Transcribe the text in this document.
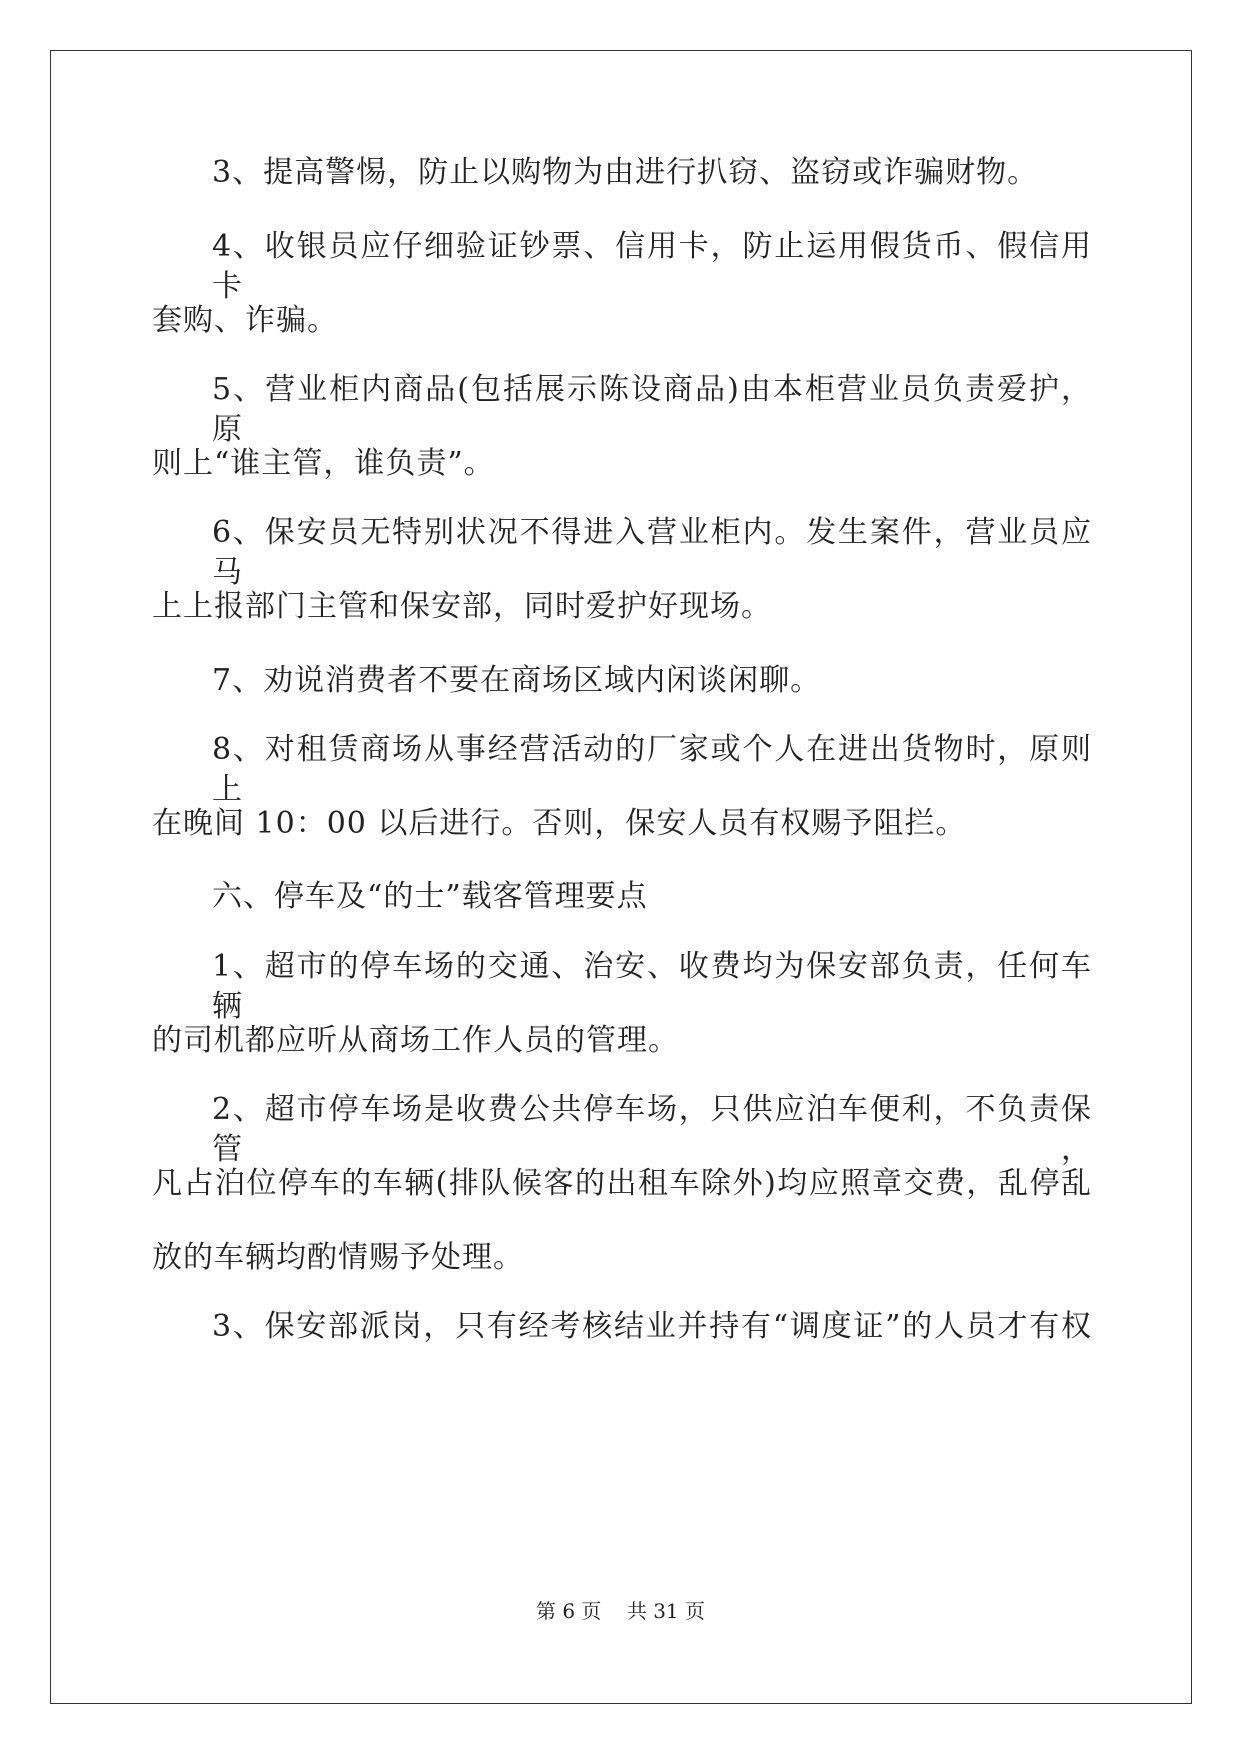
3、提高警惕，防止以购物为由进行扒窃、盗窃或诈骗财物。
4、收银员应仔细验证钞票、信用卡，防止运用假货币、假信用卡
套购、诈骗。
5、营业柜内商品(包括展示陈设商品)由本柜营业员负责爱护，原
则上“谁主管，谁负责”。
6、保安员无特别状况不得进入营业柜内。发生案件，营业员应马
上上报部门主管和保安部，同时爱护好现场。
7、劝说消费者不要在商场区域内闲谈闲聊。
8、对租赁商场从事经营活动的厂家或个人在进出货物时，原则上
在晚间 10：00 以后进行。否则，保安人员有权赐予阻拦。
六、停车及“的士”载客管理要点
1、超市的停车场的交通、治安、收费均为保安部负责，任何车辆
的司机都应听从商场工作人员的管理。
2、超市停车场是收费公共停车场，只供应泊车便利，不负责保管，
凡占泊位停车的车辆(排队候客的出租车除外)均应照章交费，乱停乱
放的车辆均酌情赐予处理。
3、保安部派岗，只有经考核结业并持有“调度证”的人员才有权
第 6 页    共 31 页
